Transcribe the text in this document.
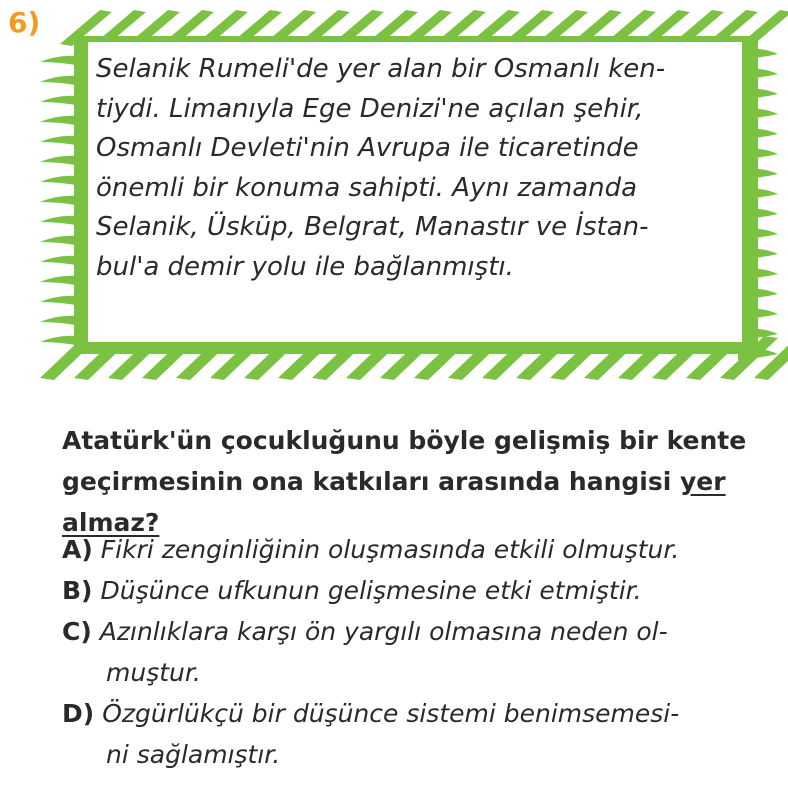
6)
Selanik Rumeli'de yer alan bir Osmanlı ken-
tiydi. Limanıyla Ege Denizi'ne açılan şehir,
Osmanlı Devleti'nin Avrupa ile ticaretinde
önemli bir konuma sahipti. Aynı zamanda
Selanik, Üsküp, Belgrat, Manastır ve İstan-
bul'a demir yolu ile bağlanmıştı.
Atatürk'ün çocukluğunu böyle gelişmiş bir kente
geçirmesinin ona katkıları arasında hangisi yer
almaz?
A) Fikri zenginliğinin oluşmasında etkili olmuştur.
B) Düşünce ufkunun gelişmesine etki etmiştir.
C) Azınlıklara karşı ön yargılı olmasına neden ol-
muştur.
D) Özgürlükçü bir düşünce sistemi benimsemesi-
ni sağlamıştır.
